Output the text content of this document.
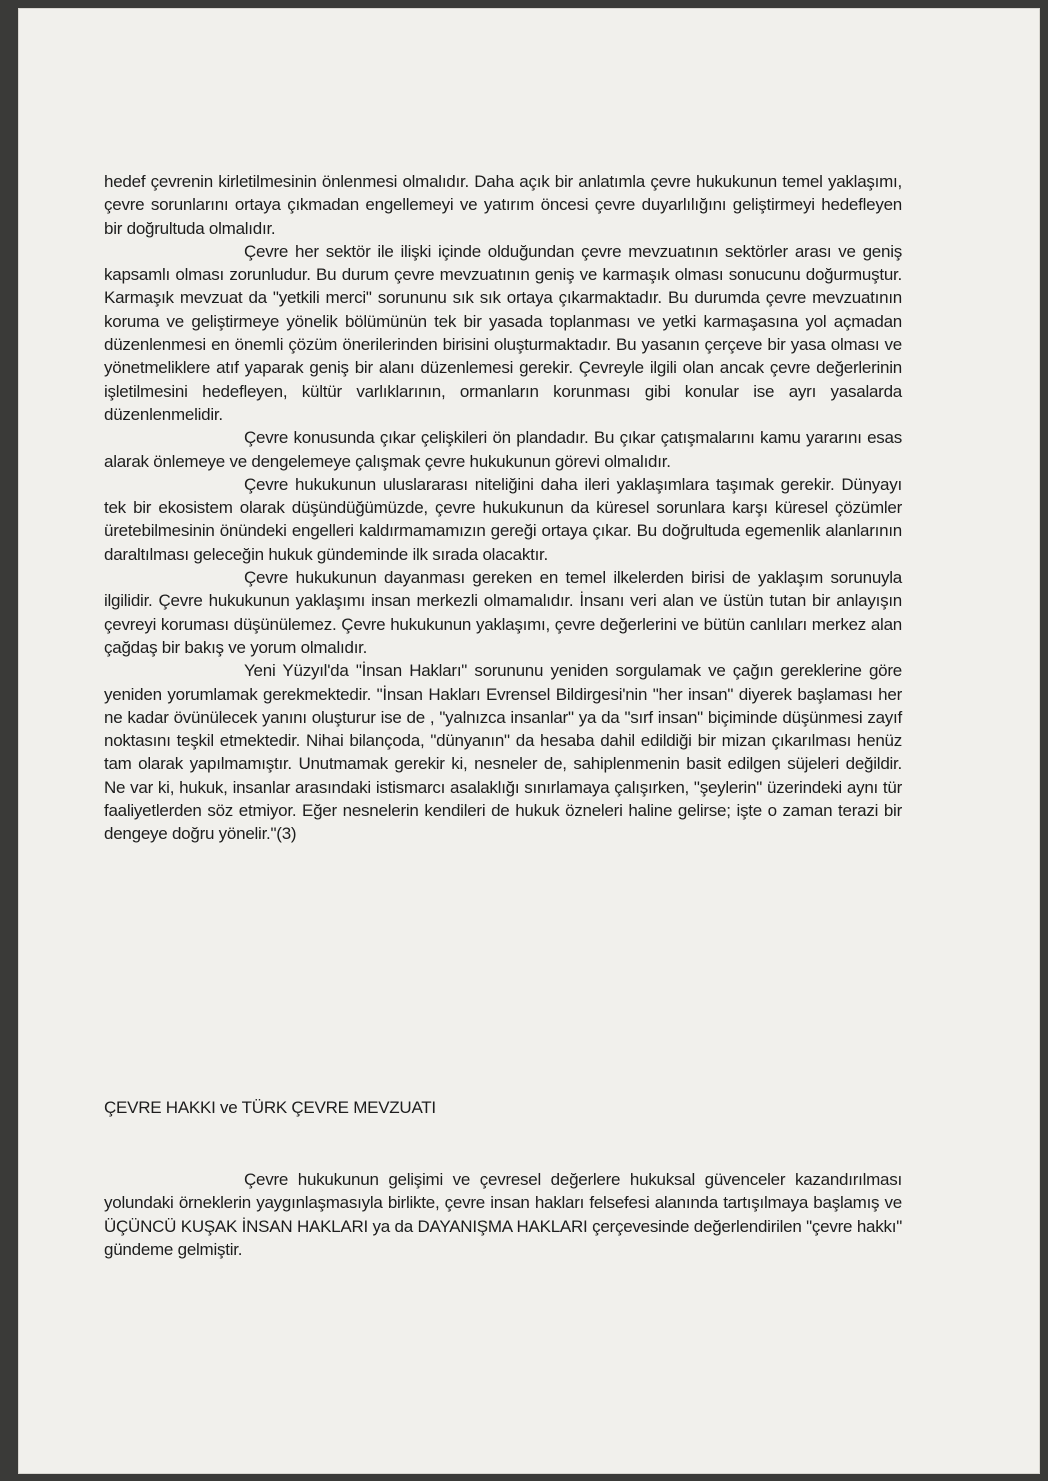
hedef çevrenin kirletilmesinin önlenmesi olmalıdır. Daha açık bir anlatımla çevre hukukunun temel yaklaşımı, çevre sorunlarını ortaya çıkmadan engellemeyi ve yatırım öncesi çevre duyarlılığını geliştirmeyi hedefleyen bir doğrultuda olmalıdır.

Çevre her sektör ile ilişki içinde olduğundan çevre mevzuatının sektörler arası ve geniş kapsamlı olması zorunludur. Bu durum çevre mevzuatının geniş ve karmaşık olması sonucunu doğurmuştur. Karmaşık mevzuat da "yetkili merci" sorununu sık sık ortaya çıkarmaktadır. Bu durumda çevre mevzuatının koruma ve geliştirmeye yönelik bölümünün tek bir yasada toplanması ve yetki karmaşasına yol açmadan düzenlenmesi en önemli çözüm önerilerinden birisini oluşturmaktadır. Bu yasanın çerçeve bir yasa olması ve yönetmeliklere atıf yaparak geniş bir alanı düzenlemesi gerekir. Çevreyle ilgili olan ancak çevre değerlerinin işletilmesini hedefleyen, kültür varlıklarının, ormanların korunması gibi konular ise ayrı yasalarda düzenlenmelidir.

Çevre konusunda çıkar çelişkileri ön plandadır. Bu çıkar çatışmalarını kamu yararını esas alarak önlemeye ve dengelemeye çalışmak çevre hukukunun görevi olmalıdır.

Çevre hukukunun uluslararası niteliğini daha ileri yaklaşımlara taşımak gerekir. Dünyayı tek bir ekosistem olarak düşündüğümüzde, çevre hukukunun da küresel sorunlara karşı küresel çözümler üretebilmesinin önündeki engelleri kaldırmamamızın gereği ortaya çıkar. Bu doğrultuda egemenlik alanlarının daraltılması geleceğin hukuk gündeminde ilk sırada olacaktır.

Çevre hukukunun dayanması gereken en temel ilkelerden birisi de yaklaşım sorunuyla ilgilidir. Çevre hukukunun yaklaşımı insan merkezli olmamalıdır. İnsanı veri alan ve üstün tutan bir anlayışın çevreyi koruması düşünülemez. Çevre hukukunun yaklaşımı, çevre değerlerini ve bütün canlıları merkez alan çağdaş bir bakış ve yorum olmalıdır.

Yeni Yüzyıl'da "İnsan Hakları" sorununu yeniden sorgulamak ve çağın gereklerine göre yeniden yorumlamak gerekmektedir. "İnsan Hakları Evrensel Bildirgesi'nin "her insan" diyerek başlaması her ne kadar övünülecek yanını oluşturur ise de , "yalnızca insanlar" ya da "sırf insan" biçiminde düşünmesi zayıf noktasını teşkil etmektedir. Nihai bilançoda, "dünyanın" da hesaba dahil edildiği bir mizan çıkarılması henüz tam olarak yapılmamıştır. Unutmamak gerekir ki, nesneler de, sahiplenmenin basit edilgen süjeleri değildir. Ne var ki, hukuk, insanlar arasındaki istismarcı asalaklığı sınırlamaya çalışırken, "şeylerin" üzerindeki aynı tür faaliyetlerden söz etmiyor. Eğer nesnelerin kendileri de hukuk özneleri haline gelirse; işte o zaman terazi bir dengeye doğru yönelir."(3)

ÇEVRE HAKKI ve TÜRK ÇEVRE MEVZUATI

Çevre hukukunun gelişimi ve çevresel değerlere hukuksal güvenceler kazandırılması yolundaki örneklerin yaygınlaşmasıyla birlikte, çevre insan hakları felsefesi alanında tartışılmaya başlamış ve ÜÇÜNCÜ KUŞAK İNSAN HAKLARI ya da DAYANIŞMA HAKLARI çerçevesinde değerlendirilen "çevre hakkı" gündeme gelmiştir.
